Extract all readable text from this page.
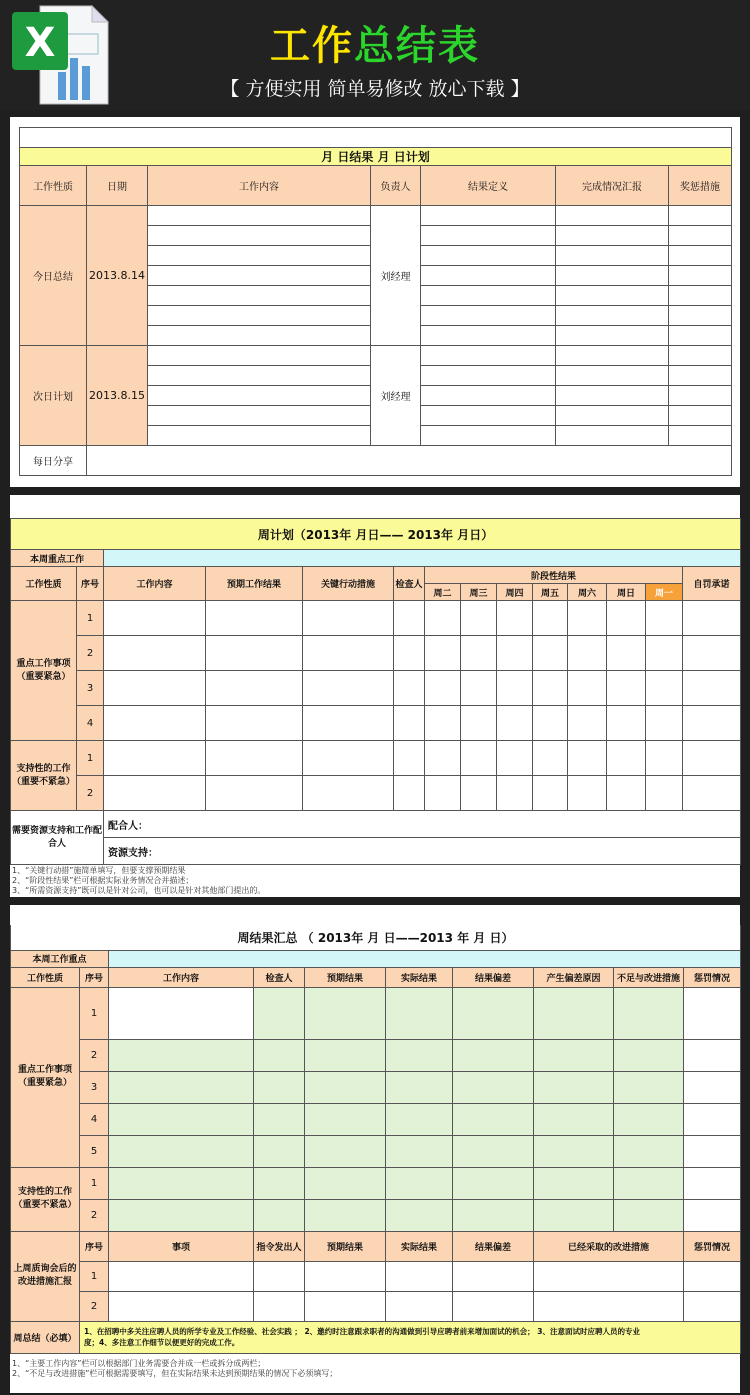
X	工作总结表
【 方便实用 简单易修改 放心下载 】

月 日结果 月 日计划						
工作性质	日期	工作内容	负责人	结果定义	完成情况汇报	奖惩措施
今日总结	2013.8.14		刘经理			

次日计划	2013.8.15		刘经理			

每日分享						
周计划（2013年 月日—— 2013年 月日）													
本周重点工作													
工作性质	序号	工作内容	预期工作结果	关键行动措施	检查人	阶段性结果							自罚承诺
						周二	周三	周四	周五	周六	周日	周一	
重点工作事项（重要紧急）	1												
	2												
	3												
	4												
支持性的工作（重要不紧急）	1												
	2												
需要资源支持和工作配合人		配合人：											
		资源支持：											
1、“关键行动措”施简单填写，但要支撑预期结果
2、“阶段性结果”栏可根据实际业务情况合并描述；
3、“所需资源支持”既可以是针对公司，也可以是针对其他部门提出的。
周结果汇总 （ 2013年 月 日——2013 年 月 日）									
本周工作重点									
工作性质	序号	工作内容	检查人	预期结果	实际结果	结果偏差	产生偏差原因	不足与改进措施	惩罚情况
重点工作事项（重要紧急）	1								
	2								
	3								
	4								
	5								
支持性的工作（重要不紧急）	1								
	2								
上周质询会后的改进措施汇报	序号	事项	指令发出人	预期结果	实际结果	结果偏差	已经采取的改进措施		惩罚情况
	1								
	2								
周总结（必填）	1、在招聘中多关注应聘人员的所学专业及工作经验、社会实践 ； 2、邀约时注意跟求职者的沟通做到引导应聘者前来增加面试的机会； 3、注意面试时应聘人员的专业
度；4、多注意工作细节以便更好的完成工作。								
1、“主要工作内容”栏可以根据部门业务需要合并成一栏或拆分成两栏；
2、“不足与改进措施”栏可根据需要填写，但在实际结果未达到预期结果的情况下必须填写；
